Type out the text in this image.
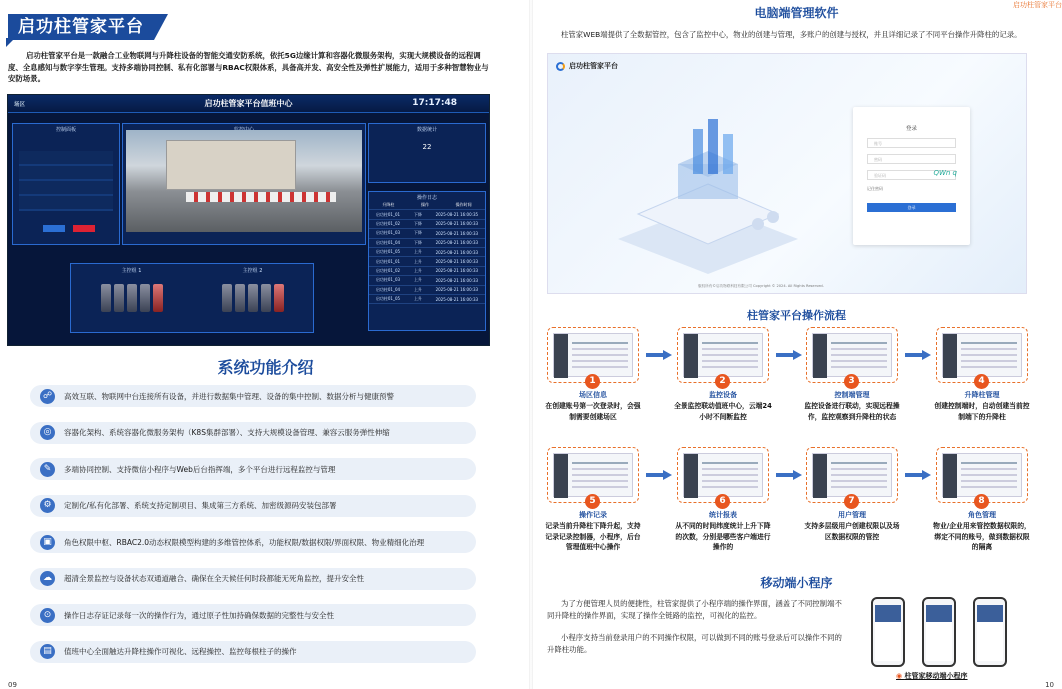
启功柱管家平台

启功柱管家平台是一款融合工业物联网与升降柱设备的智能交通安防系统，依托5G边缘计算和容器化微服务架构，实现大规模设备的远程调度、全息感知与数字孪生管理。支持多端协同控制、私有化部署与RBAC权限体系，具备高并发、高安全性及弹性扩展能力，适用于多种智慧物业与安防场景。

场区	启功柱管家平台值班中心	17:17:48
控制面板	数据统计
22
操作日志
升降柱	操作	操作时间
启功柱01_01	下降	2025-08-21 16:00:35
启功柱01_02	下降	2025-08-21 16:00:33
启功柱01_03	下降	2025-08-21 16:00:33
启功柱01_04	下降	2025-08-21 16:00:33
启功柱01_05	上升	2025-08-21 16:00:33
启功柱01_01	上升	2025-08-21 16:00:33
启功柱01_02	上升	2025-08-21 16:00:33
启功柱01_03	上升	2025-08-21 16:00:33
启功柱01_04	上升	2025-08-21 16:00:33
启功柱01_05	上升	2025-08-21 16:00:33
主控组 1	主控组 2
系统功能介绍
☍	高效互联、物联网中台连接所有设备，并进行数据集中管理、设备的集中控制、数据分析与健康预警
◎	容器化架构、系统容器化微服务架构（K8S集群部署）、支持大规模设备管理、兼容云服务弹性伸缩
✎	多端协同控制、支持微信小程序与Web后台指挥端，多个平台进行远程监控与管理
⚙	定制化/私有化部署、系统支持定制项目、集成第三方系统、加密级源码安装包部署
▣	角色权限中枢、RBAC2.0动态权限模型构建的多维管控体系，功能权限/数据权限/界面权限、物业精细化治理
☁	超清全景监控与设备状态双通道融合、确保在全天候任何时段都能无死角监控，提升安全性
⊙	操作日志存证记录每一次的操作行为，通过原子性加持确保数据的完整性与安全性
▤	值班中心全面触达升降柱操作可视化、远程操控、监控每根柱子的操作
09
启功柱管家平台
电脑端管理软件

柱管家WEB端提供了全数据管控，包含了监控中心，物业的创建与管理，多账户的创建与授权，并且详细记录了不同平台操作升降柱的记录。

启功柱管家平台
登录
账号
密码
验证码	QWn q
记住密码
登录
版权所有©启功物联科技有限公司 Copyright © 2024. All Rights Reserved.
柱管家平台操作流程
1
场区信息
在创建账号第一次登录时，会强制需要创建场区
2
监控设备
全景监控联动值班中心，云端24小时不间断监控
3
控制端管理
监控设备进行联动，实现远程操作，监控观察到升降柱的状态
4
升降柱管理
创建控制端时，自动创建当前控制端下的升降柱
5
操作记录
记录当前升降柱下降升起，支持记录记录控制器，小程序，后台管理值班中心操作
6
统计报表
从不同的时间纬度统计上升下降的次数，分别是哪些客户端进行操作的
7
用户管理
支持多层级用户创建权限以及场区数据权限的管控
8
角色管理
物业/企业用来管控数据权限的，绑定不同的账号，做到数据权限的隔离
移动端小程序

为了方便管理人员的便捷性，柱管家提供了小程序端的操作界面，涵盖了不同控制端不同升降柱的操作界面，实现了操作全链路的监控，可视化的监控。

小程序支持当前登录用户的不同操作权限，可以做到不同的账号登录后可以操作不同的升降柱功能。

◉ 柱管家移动端小程序
10
